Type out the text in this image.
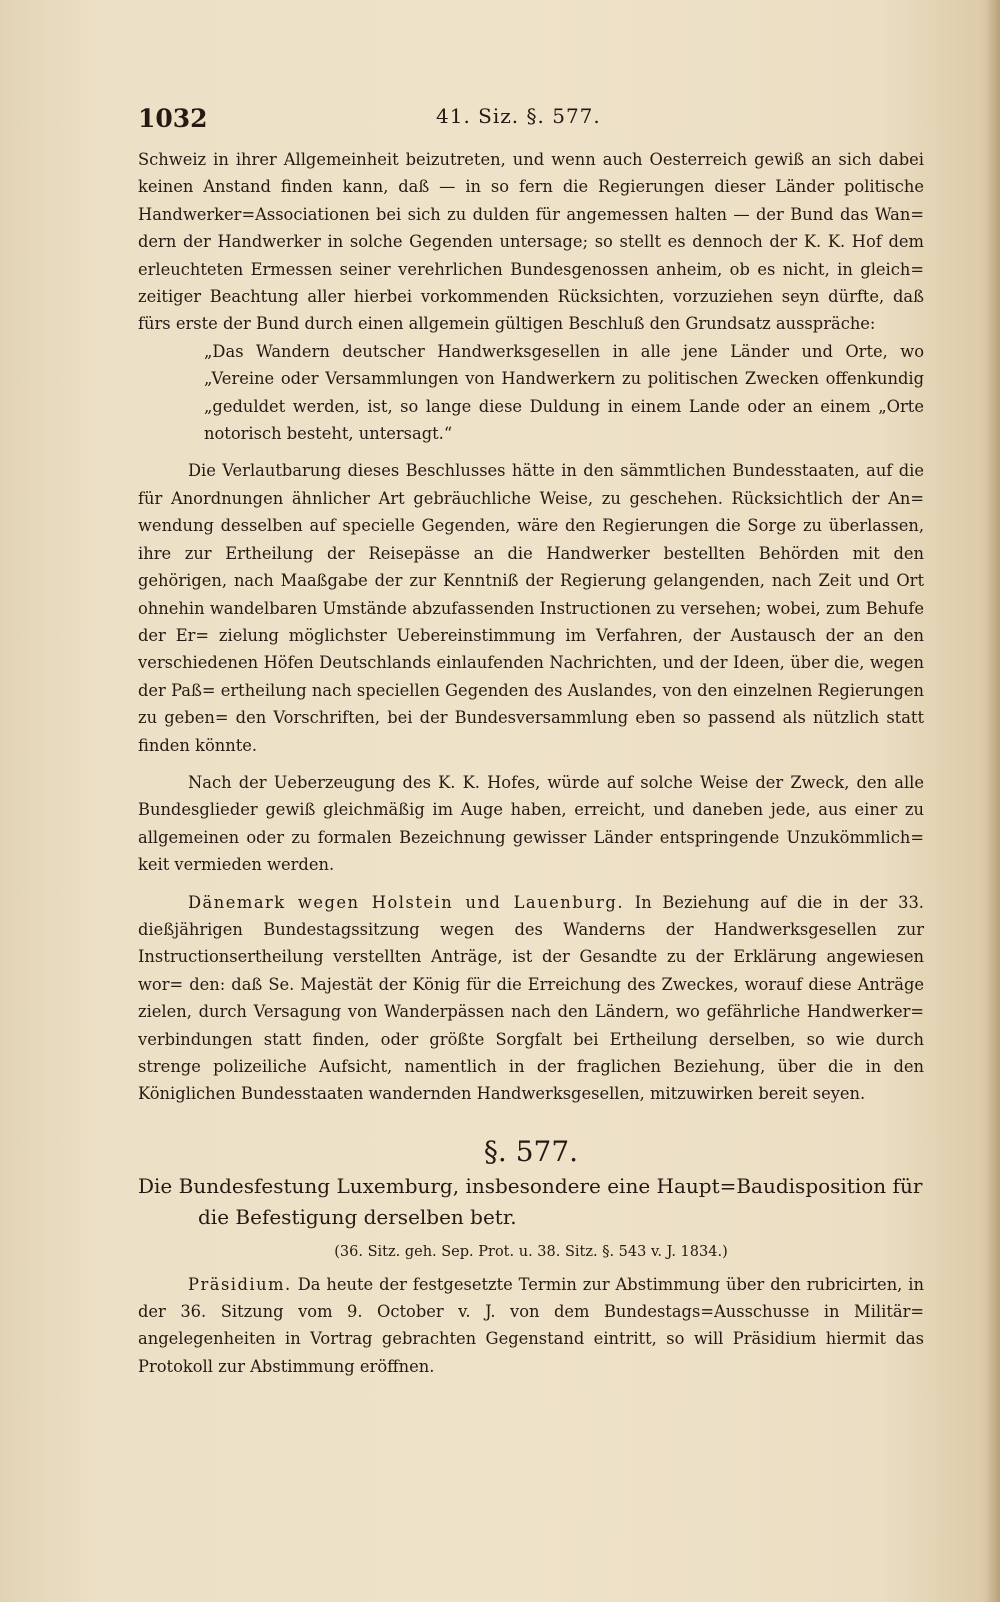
1032	41. Siz. §. 577.

Schweiz in ihrer Allgemeinheit beizutreten, und wenn auch Oesterreich gewiß an sich dabei keinen Anstand finden kann, daß — in so fern die Regierungen dieser Länder politische Handwerker=Associationen bei sich zu dulden für angemessen halten — der Bund das Wan= dern der Handwerker in solche Gegenden untersage; so stellt es dennoch der K. K. Hof dem erleuchteten Ermessen seiner verehrlichen Bundesgenossen anheim, ob es nicht, in gleich= zeitiger Beachtung aller hierbei vorkommenden Rücksichten, vorzuziehen seyn dürfte, daß fürs erste der Bund durch einen allgemein gültigen Beschluß den Grundsatz ausspräche:

„Das Wandern deutscher Handwerksgesellen in alle jene Länder und Orte, wo „Vereine oder Versammlungen von Handwerkern zu politischen Zwecken offenkundig „geduldet werden, ist, so lange diese Duldung in einem Lande oder an einem „Orte notorisch besteht, untersagt.“

Die Verlautbarung dieses Beschlusses hätte in den sämmtlichen Bundesstaaten, auf die für Anordnungen ähnlicher Art gebräuchliche Weise, zu geschehen. Rücksichtlich der An= wendung desselben auf specielle Gegenden, wäre den Regierungen die Sorge zu überlassen, ihre zur Ertheilung der Reisepässe an die Handwerker bestellten Behörden mit den gehörigen, nach Maaßgabe der zur Kenntniß der Regierung gelangenden, nach Zeit und Ort ohnehin wandelbaren Umstände abzufassenden Instructionen zu versehen; wobei, zum Behufe der Er= zielung möglichster Uebereinstimmung im Verfahren, der Austausch der an den verschiedenen Höfen Deutschlands einlaufenden Nachrichten, und der Ideen, über die, wegen der Paß= ertheilung nach speciellen Gegenden des Auslandes, von den einzelnen Regierungen zu geben= den Vorschriften, bei der Bundesversammlung eben so passend als nützlich statt finden könnte.

Nach der Ueberzeugung des K. K. Hofes, würde auf solche Weise der Zweck, den alle Bundesglieder gewiß gleichmäßig im Auge haben, erreicht, und daneben jede, aus einer zu allgemeinen oder zu formalen Bezeichnung gewisser Länder entspringende Unzukömmlich= keit vermieden werden.

Dänemark wegen Holstein und Lauenburg. In Beziehung auf die in der 33. dießjährigen Bundestagssitzung wegen des Wanderns der Handwerksgesellen zur Instructionsertheilung verstellten Anträge, ist der Gesandte zu der Erklärung angewiesen wor= den: daß Se. Majestät der König für die Erreichung des Zweckes, worauf diese Anträge zielen, durch Versagung von Wanderpässen nach den Ländern, wo gefährliche Handwerker= verbindungen statt finden, oder größte Sorgfalt bei Ertheilung derselben, so wie durch strenge polizeiliche Aufsicht, namentlich in der fraglichen Beziehung, über die in den Königlichen Bundesstaaten wandernden Handwerksgesellen, mitzuwirken bereit seyen.

§. 577.

Die Bundesfestung Luxemburg, insbesondere eine Haupt=Baudisposition für die Befestigung derselben betr.

(36. Sitz. geh. Sep. Prot. u. 38. Sitz. §. 543 v. J. 1834.)

Präsidium. Da heute der festgesetzte Termin zur Abstimmung über den rubricirten, in der 36. Sitzung vom 9. October v. J. von dem Bundestags=Ausschusse in Militär= angelegenheiten in Vortrag gebrachten Gegenstand eintritt, so will Präsidium hiermit das Protokoll zur Abstimmung eröffnen.
